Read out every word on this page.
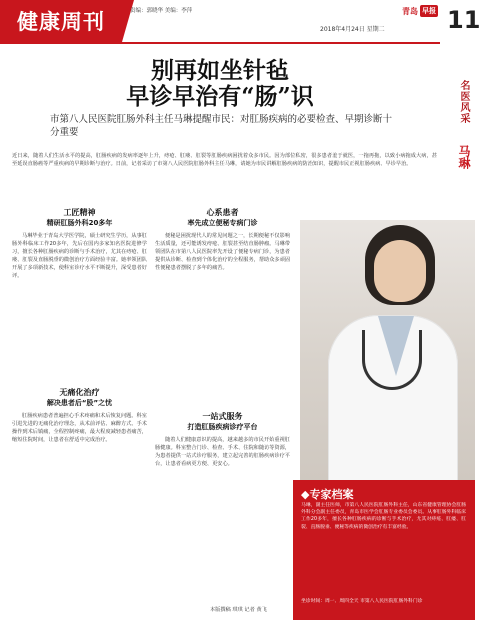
健康周刊	责编：郭晓华 美编：李萍	青岛 早报 11
2018年4月24日 星期二
别再如坐针毡
早诊早治有“肠”识
市第八人民医院肛肠外科主任马琳提醒市民：对肛肠疾病的必要检查、早期诊断十分重要
近日来，随着人们生活水平的提高，肛肠疾病的发病率逐年上升，痔疮、肛瘘、肛裂等肛肠疾病困扰着众多市民。因为部位私密，很多患者羞于就医，一拖再拖，以致小病拖成大病，甚至延误直肠癌等严重疾病的早期诊断与治疗。日前，记者采访了市第八人民医院肛肠外科主任马琳，请她为市民讲解肛肠疾病的防治知识，提醒市民正视肛肠疾病、早诊早治。
工匠精神
精研肛肠外科20多年

马琳毕业于青岛大学医学院，硕士研究生学历，从事肛肠外科临床工作20多年，先后在国内多家知名医院进修学习，擅长各种肛肠疾病的诊断与手术治疗，尤其在痔疮、肛瘘、肛裂及直肠脱垂的微创治疗方面经验丰富。她率领团队开展了多项新技术，使科室诊疗水平不断提升，深受患者好评。

无痛化治疗
解决患者后“股”之忧

肛肠疾病患者普遍担心手术疼痛和术后恢复问题。科室引进先进的无痛化治疗理念，从术前评估、麻醉方式、手术操作到术后镇痛，全程控制疼痛，最大程度减轻患者痛苦，缩短住院时间，让患者在舒适中完成治疗。

心系患者
率先成立便秘专病门诊

便秘是困扰现代人的常见问题之一，长期便秘不仅影响生活质量，还可能诱发痔疮、肛裂甚至结直肠肿瘤。马琳带领团队在市第八人民医院率先开设了便秘专病门诊，为患者提供从诊断、检查到个体化治疗的全程服务，帮助众多顽固性便秘患者摆脱了多年的痛苦。

一站式服务
打造肛肠疾病诊疗平台

随着人们健康意识的提高，越来越多的市民开始重视肛肠健康。科室整合门诊、检查、手术、住院和随访等资源，为患者提供一站式诊疗服务，建立起完善的肛肠疾病诊疗平台，让患者看病更方便、更安心。

本版撰稿 琪琪 记者 黄飞
名医风采
马琳
◆专家档案
马琳，副主任医师，市第八人民医院肛肠外科主任，山东省健康管理协会肛肠外科分会副主任委员，青岛市医学会肛肠专业委员会委员。从事肛肠外科临床工作20多年，擅长各种肛肠疾病的诊断与手术治疗，尤其对痔疮、肛瘘、肛裂、直肠脱垂、便秘等疾病的微创治疗有丰富经验。
坐诊时间：周一、周四全天 市第八人民医院肛肠外科门诊
